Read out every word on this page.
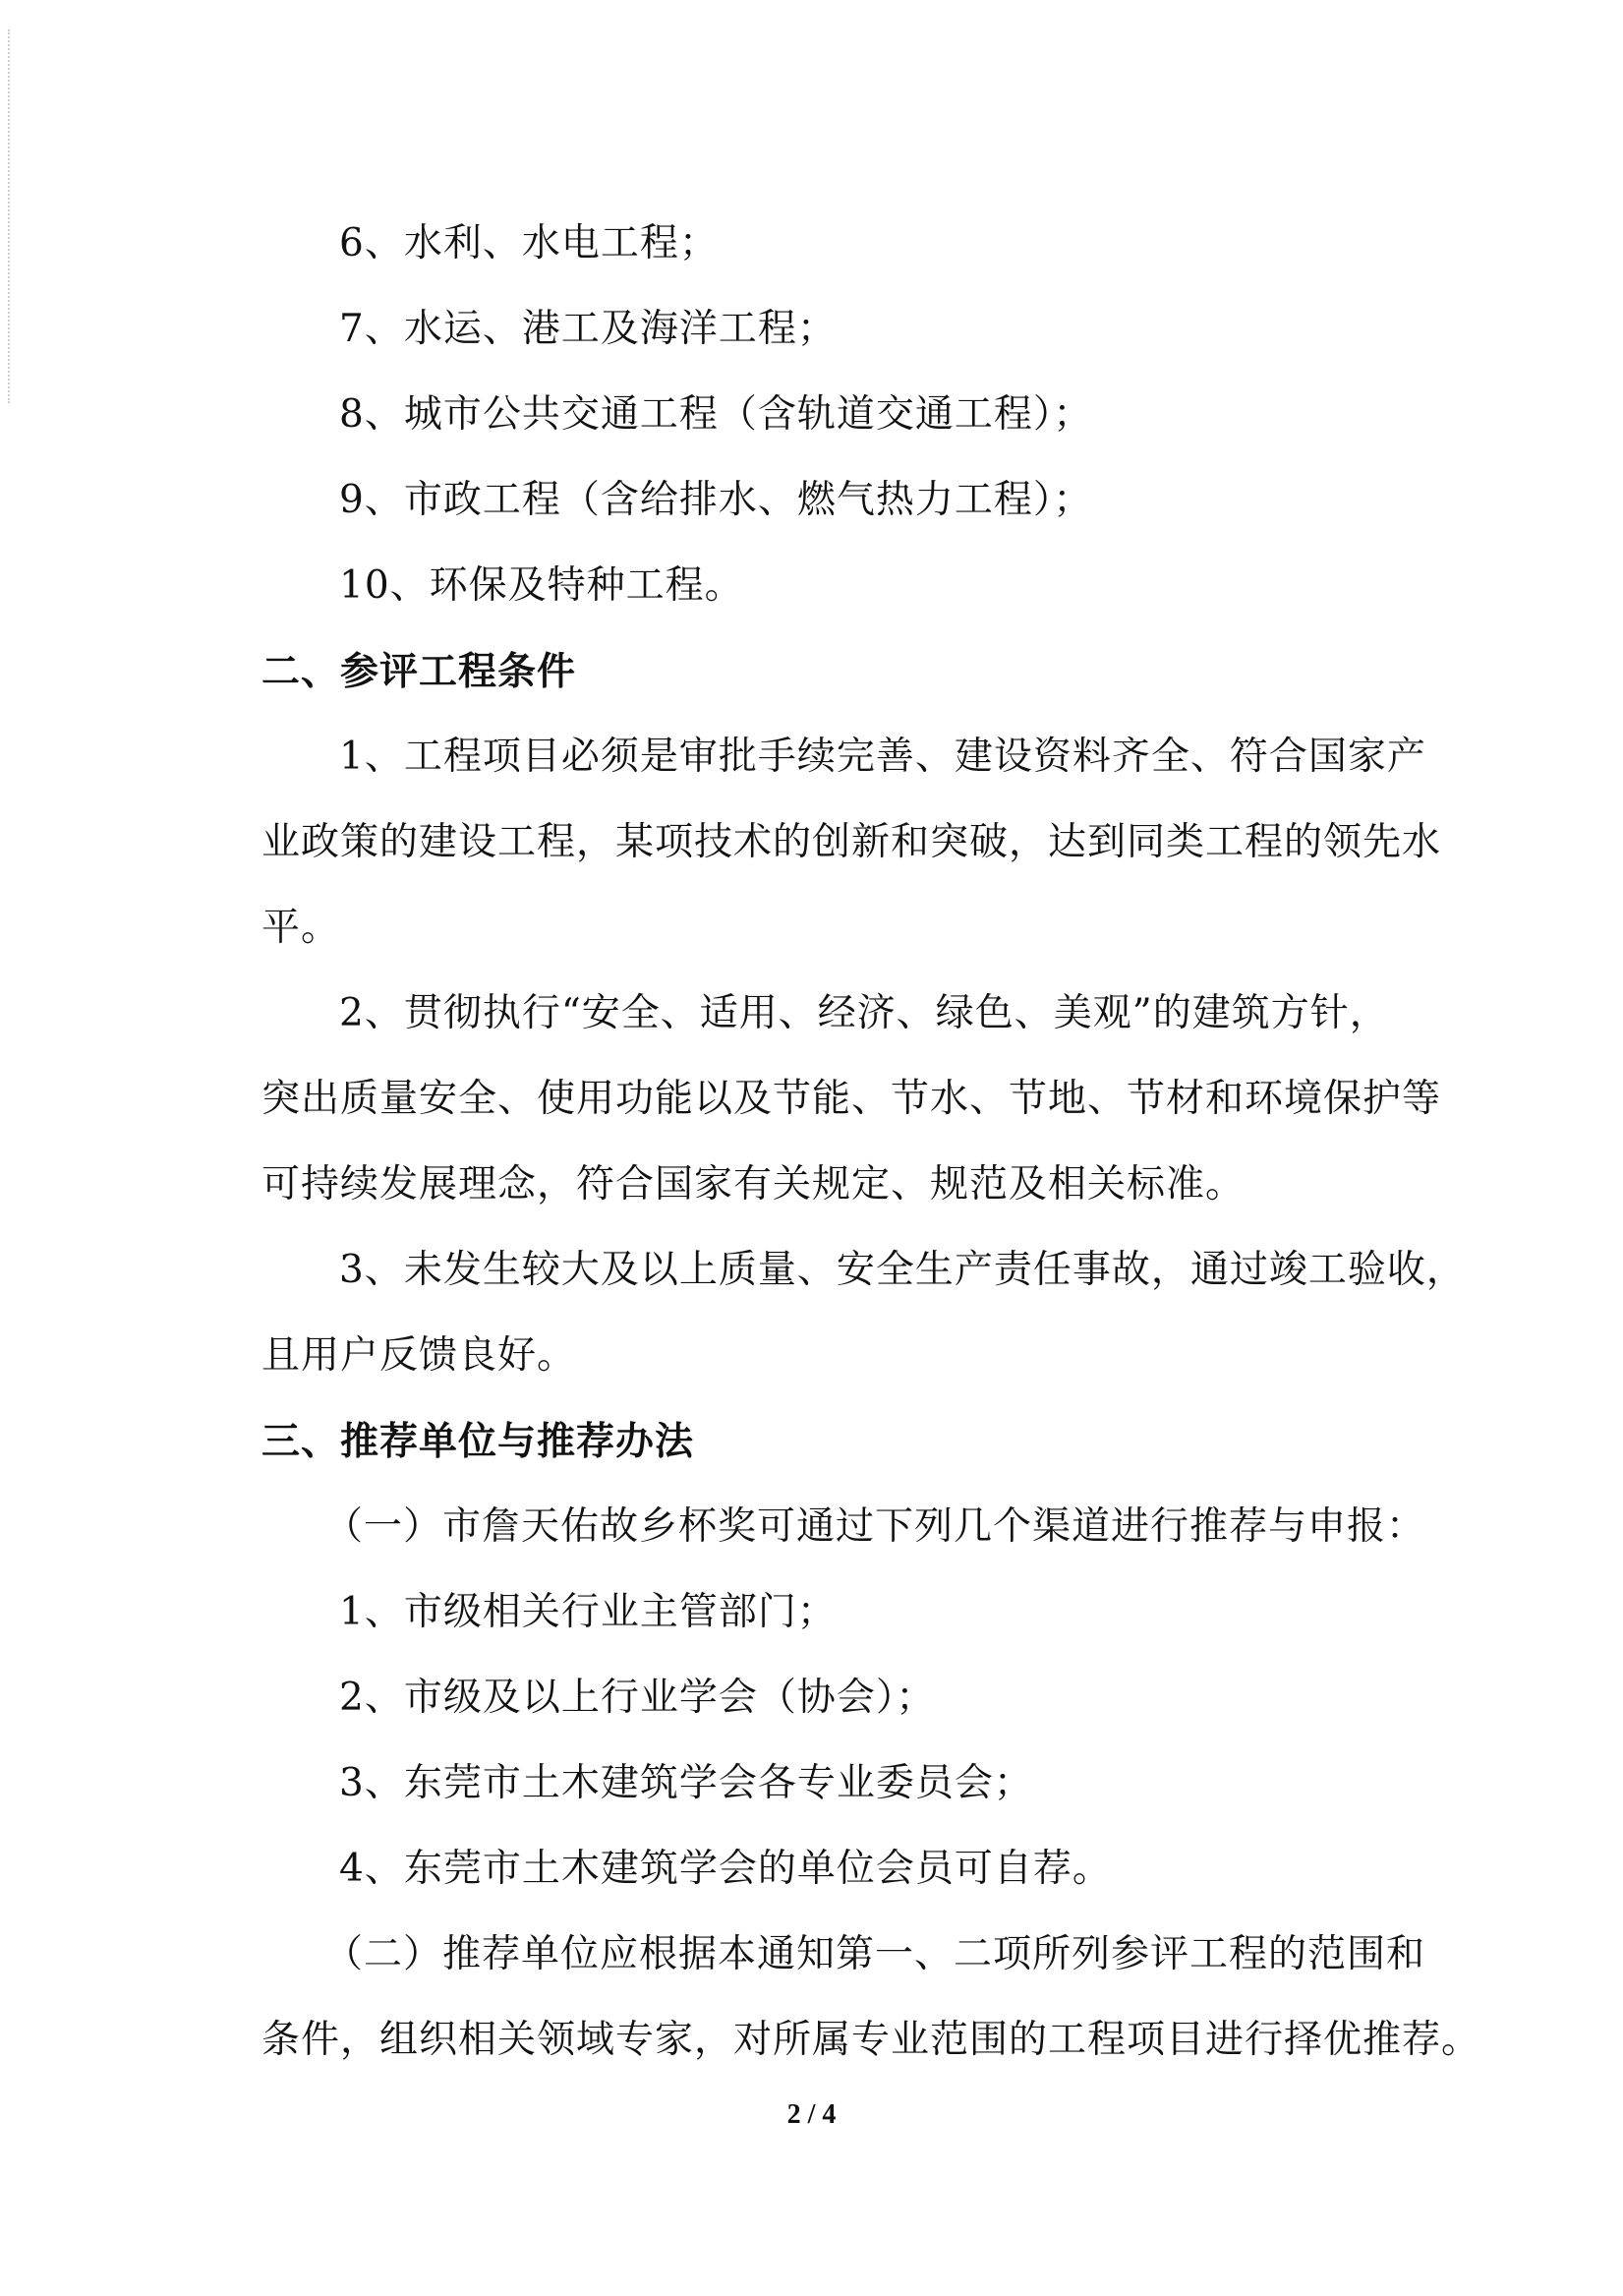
6、水利、水电工程；
7、水运、港工及海洋工程；
8、城市公共交通工程（含轨道交通工程）；
9、市政工程（含给排水、燃气热力工程）；
10、环保及特种工程。
二、参评工程条件
1、工程项目必须是审批手续完善、建设资料齐全、符合国家产
业政策的建设工程，某项技术的创新和突破，达到同类工程的领先水
平。
2、贯彻执行“安全、适用、经济、绿色、美观”的建筑方针，
突出质量安全、使用功能以及节能、节水、节地、节材和环境保护等
可持续发展理念，符合国家有关规定、规范及相关标准。
3、未发生较大及以上质量、安全生产责任事故，通过竣工验收，
且用户反馈良好。
三、推荐单位与推荐办法
（一）市詹天佑故乡杯奖可通过下列几个渠道进行推荐与申报：
1、市级相关行业主管部门；
2、市级及以上行业学会（协会）；
3、东莞市土木建筑学会各专业委员会；
4、东莞市土木建筑学会的单位会员可自荐。
（二）推荐单位应根据本通知第一、二项所列参评工程的范围和
条件，组织相关领域专家，对所属专业范围的工程项目进行择优推荐。
2 / 4
